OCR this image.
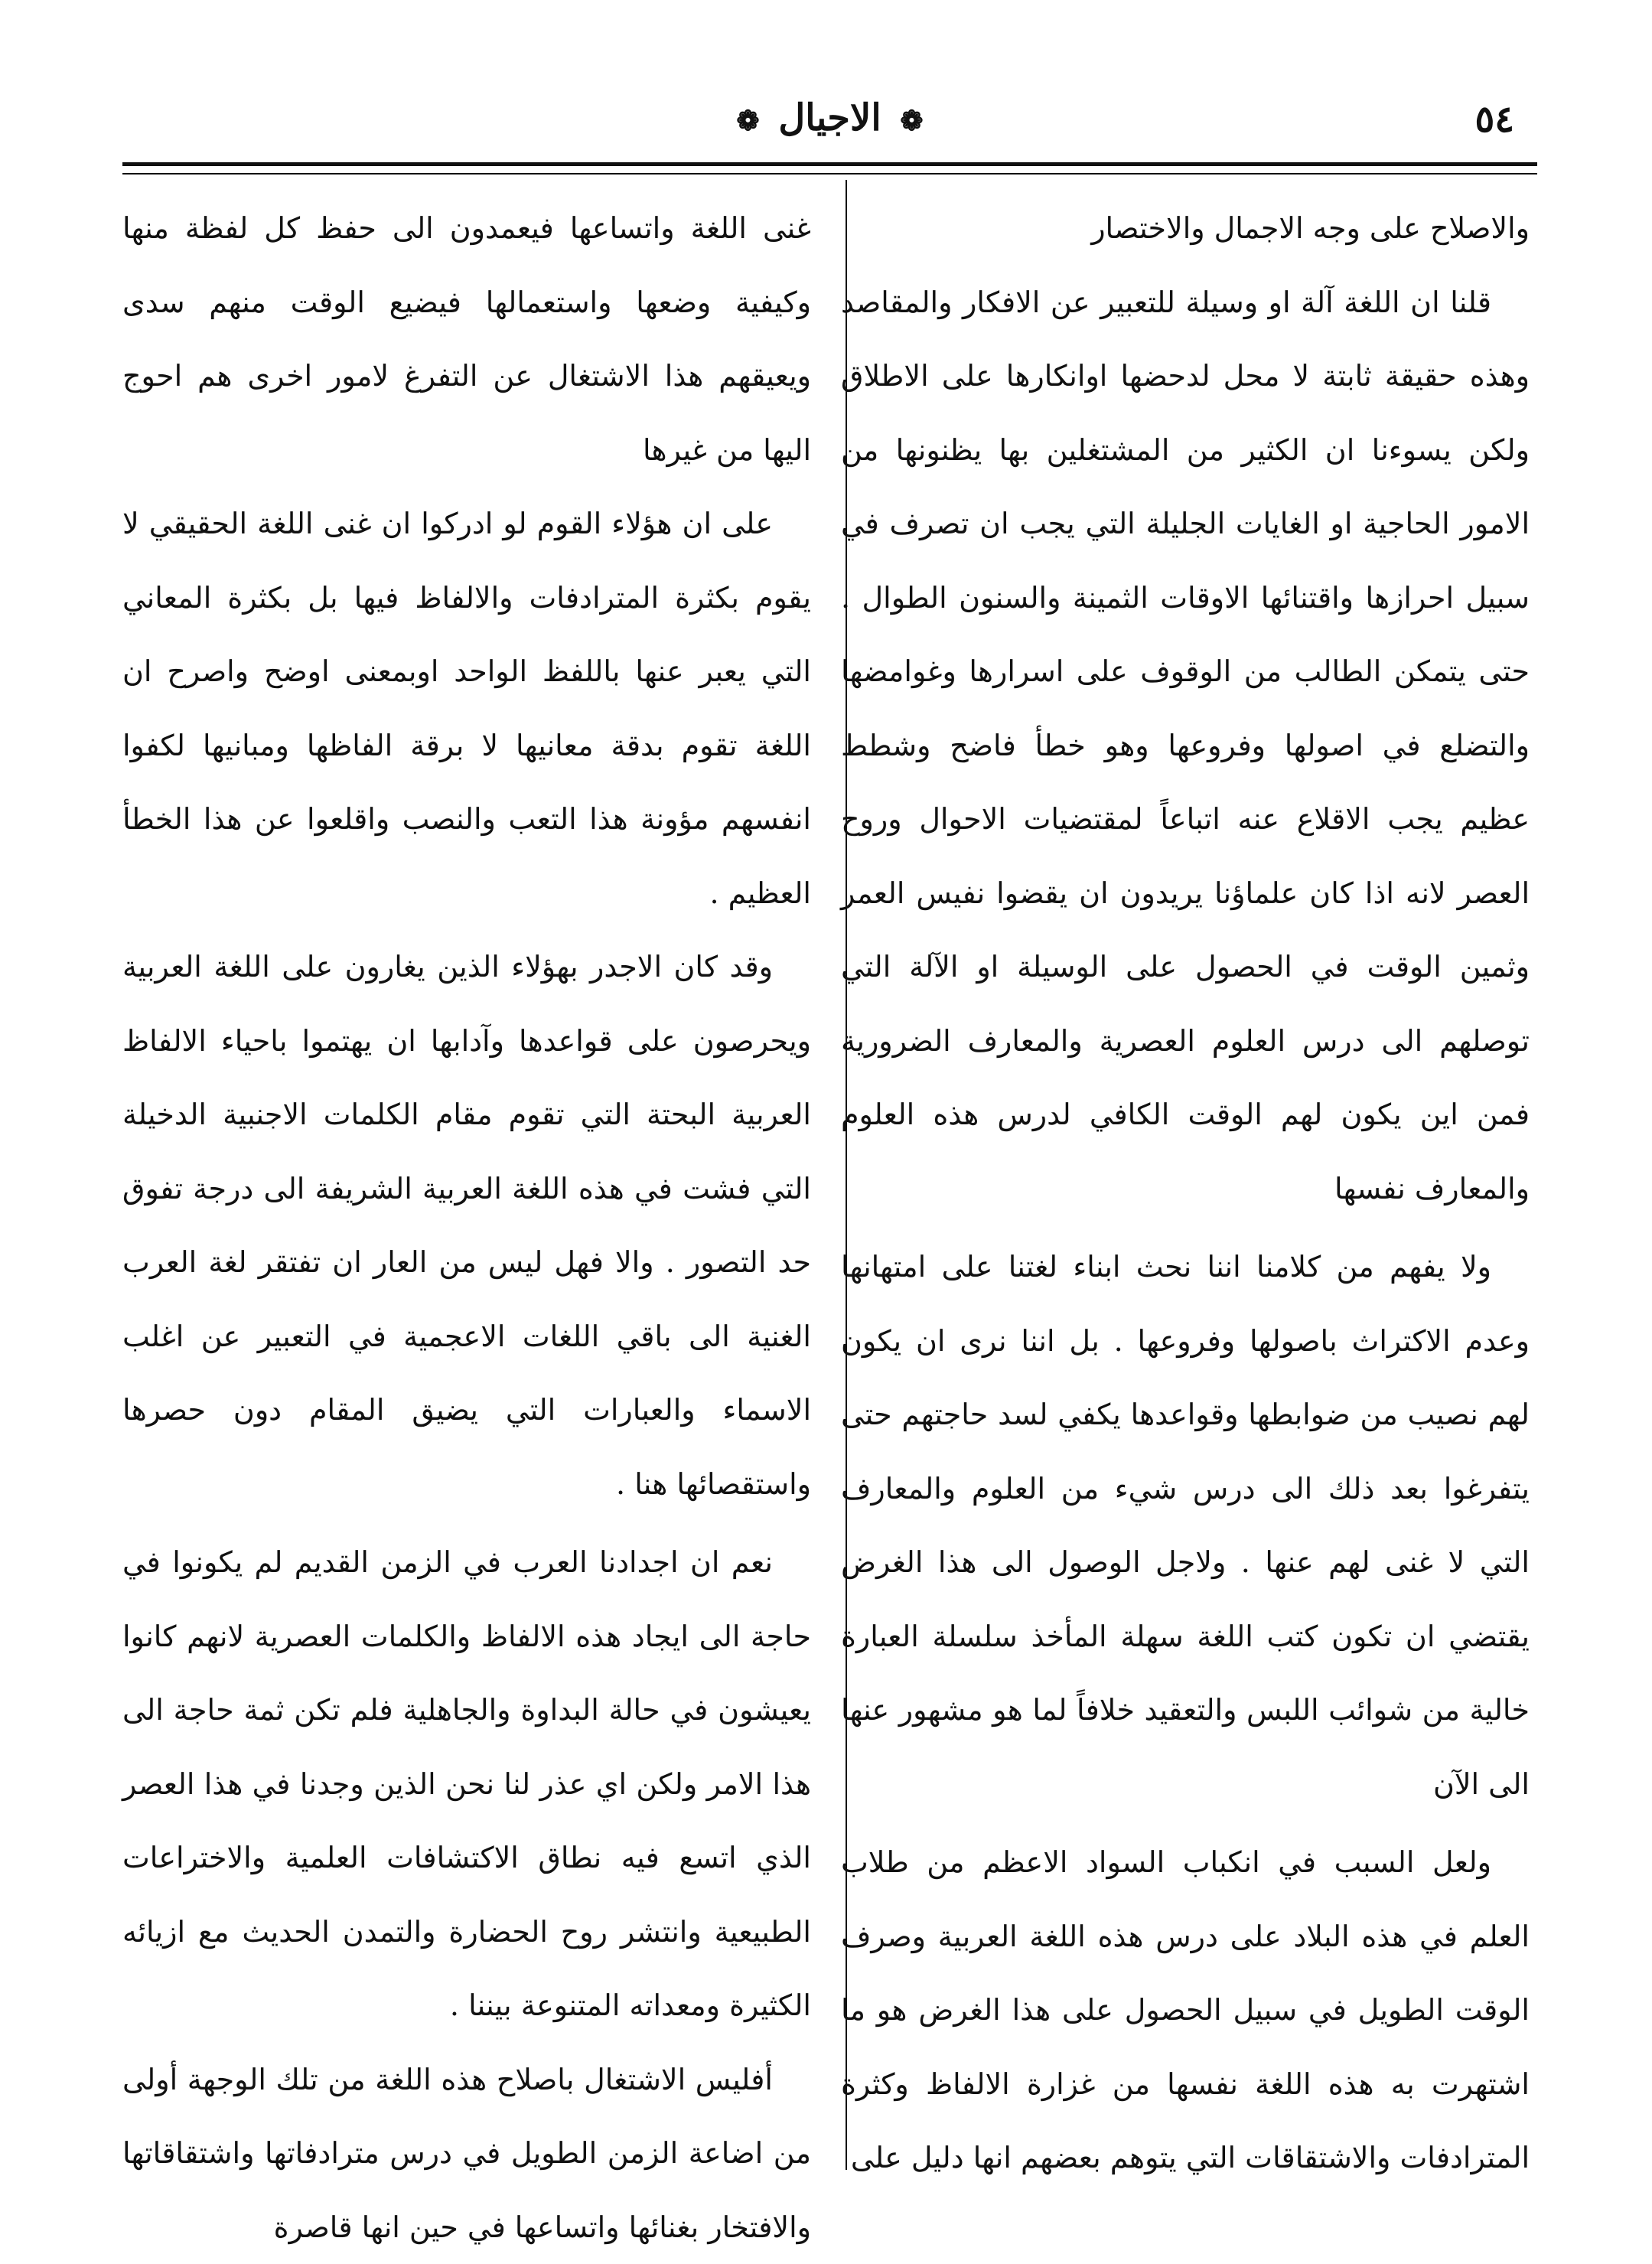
٥٤
❁ الاجيال ❁

والاصلاح على وجه الاجمال والاختصار

قلنا ان اللغة آلة او وسيلة للتعبير عن الافكار والمقاصد وهذه حقيقة ثابتة لا محل لدحضها اوانكارها على الاطلاق ولكن يسوءنا ان الكثير من المشتغلين بها يظنونها من الامور الحاجية او الغايات الجليلة التي يجب ان تصرف في سبيل احرازها واقتنائها الاوقات الثمينة والسنون الطوال . حتى يتمكن الطالب من الوقوف على اسرارها وغوامضها والتضلع في اصولها وفروعها وهو خطأ فاضح وشطط عظيم يجب الاقلاع عنه اتباعاً لمقتضيات الاحوال وروح العصر لانه اذا كان علماؤنا يريدون ان يقضوا نفيس العمر وثمين الوقت في الحصول على الوسيلة او الآلة التي توصلهم الى درس العلوم العصرية والمعارف الضرورية فمن اين يكون لهم الوقت الكافي لدرس هذه العلوم والمعارف نفسها

ولا يفهم من كلامنا اننا نحث ابناء لغتنا على امتهانها وعدم الاكتراث باصولها وفروعها . بل اننا نرى ان يكون لهم نصيب من ضوابطها وقواعدها يكفي لسد حاجتهم حتى يتفرغوا بعد ذلك الى درس شيء من العلوم والمعارف التي لا غنى لهم عنها . ولاجل الوصول الى هذا الغرض يقتضي ان تكون كتب اللغة سهلة المأخذ سلسلة العبارة خالية من شوائب اللبس والتعقيد خلافاً لما هو مشهور عنها الى الآن

ولعل السبب في انكباب السواد الاعظم من طلاب العلم في هذه البلاد على درس هذه اللغة العربية وصرف الوقت الطويل في سبيل الحصول على هذا الغرض هو ما اشتهرت به هذه اللغة نفسها من غزارة الالفاظ وكثرة المترادفات والاشتقاقات التي يتوهم بعضهم انها دليل على

غنى اللغة واتساعها فيعمدون الى حفظ كل لفظة منها وكيفية وضعها واستعمالها فيضيع الوقت منهم سدى ويعيقهم هذا الاشتغال عن التفرغ لامور اخرى هم احوج اليها من غيرها

على ان هؤلاء القوم لو ادركوا ان غنى اللغة الحقيقي لا يقوم بكثرة المترادفات والالفاظ فيها بل بكثرة المعاني التي يعبر عنها باللفظ الواحد اوبمعنى اوضح واصرح ان اللغة تقوم بدقة معانيها لا برقة الفاظها ومبانيها لكفوا انفسهم مؤونة هذا التعب والنصب واقلعوا عن هذا الخطأ العظيم .

وقد كان الاجدر بهؤلاء الذين يغارون على اللغة العربية ويحرصون على قواعدها وآدابها ان يهتموا باحياء الالفاظ العربية البحتة التي تقوم مقام الكلمات الاجنبية الدخيلة التي فشت في هذه اللغة العربية الشريفة الى درجة تفوق حد التصور . والا فهل ليس من العار ان تفتقر لغة العرب الغنية الى باقي اللغات الاعجمية في التعبير عن اغلب الاسماء والعبارات التي يضيق المقام دون حصرها واستقصائها هنا .

نعم ان اجدادنا العرب في الزمن القديم لم يكونوا في حاجة الى ايجاد هذه الالفاظ والكلمات العصرية لانهم كانوا يعيشون في حالة البداوة والجاهلية فلم تكن ثمة حاجة الى هذا الامر ولكن اي عذر لنا نحن الذين وجدنا في هذا العصر الذي اتسع فيه نطاق الاكتشافات العلمية والاختراعات الطبيعية وانتشر روح الحضارة والتمدن الحديث مع ازيائه الكثيرة ومعداته المتنوعة بيننا .

أفليس الاشتغال باصلاح هذه اللغة من تلك الوجهة أولى من اضاعة الزمن الطويل في درس مترادفاتها واشتقاقاتها والافتخار بغنائها واتساعها في حين انها قاصرة
